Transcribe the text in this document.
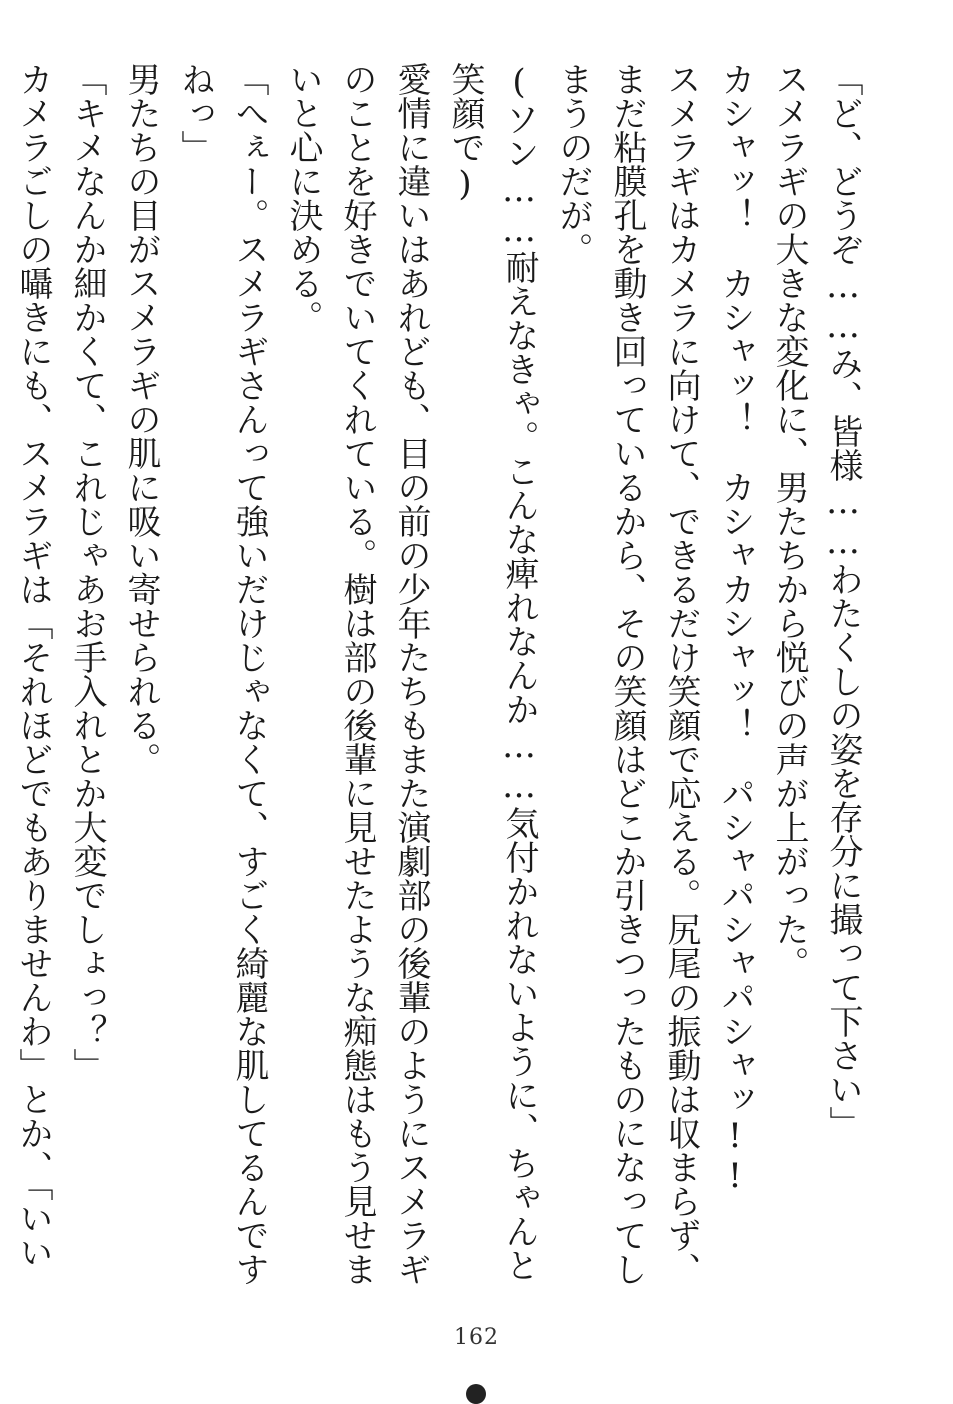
「ど、どうぞ……み、皆様……わたくしの姿を存分に撮って下さい」

スメラギの大きな変化に、男たちから悦びの声が上がった。

カシャッ！　カシャッ！　カシャカシャッ！　パシャパシャパシャッ!!

スメラギはカメラに向けて、できるだけ笑顔で応える。尻尾の振動は収まらず、まだ粘膜孔を動き回っているから、その笑顔はどこか引きつったものになってしまうのだが。

(ソン……耐えなきゃ。こんな痺れなんか……気付かれないように、ちゃんと笑顔で)

愛情に違いはあれども、目の前の少年たちもまた演劇部の後輩のようにスメラギのことを好きでいてくれている。樹は部の後輩に見せたような痴態はもう見せまいと心に決める。

「へぇー。スメラギさんって強いだけじゃなくて、すごく綺麗な肌してるんですねっ」

男たちの目がスメラギの肌に吸い寄せられる。

「キメなんか細かくて、これじゃあお手入れとか大変でしょっ？」

カメラごしの囁きにも、スメラギは「それほどでもありませんわ」とか、「いい

162
